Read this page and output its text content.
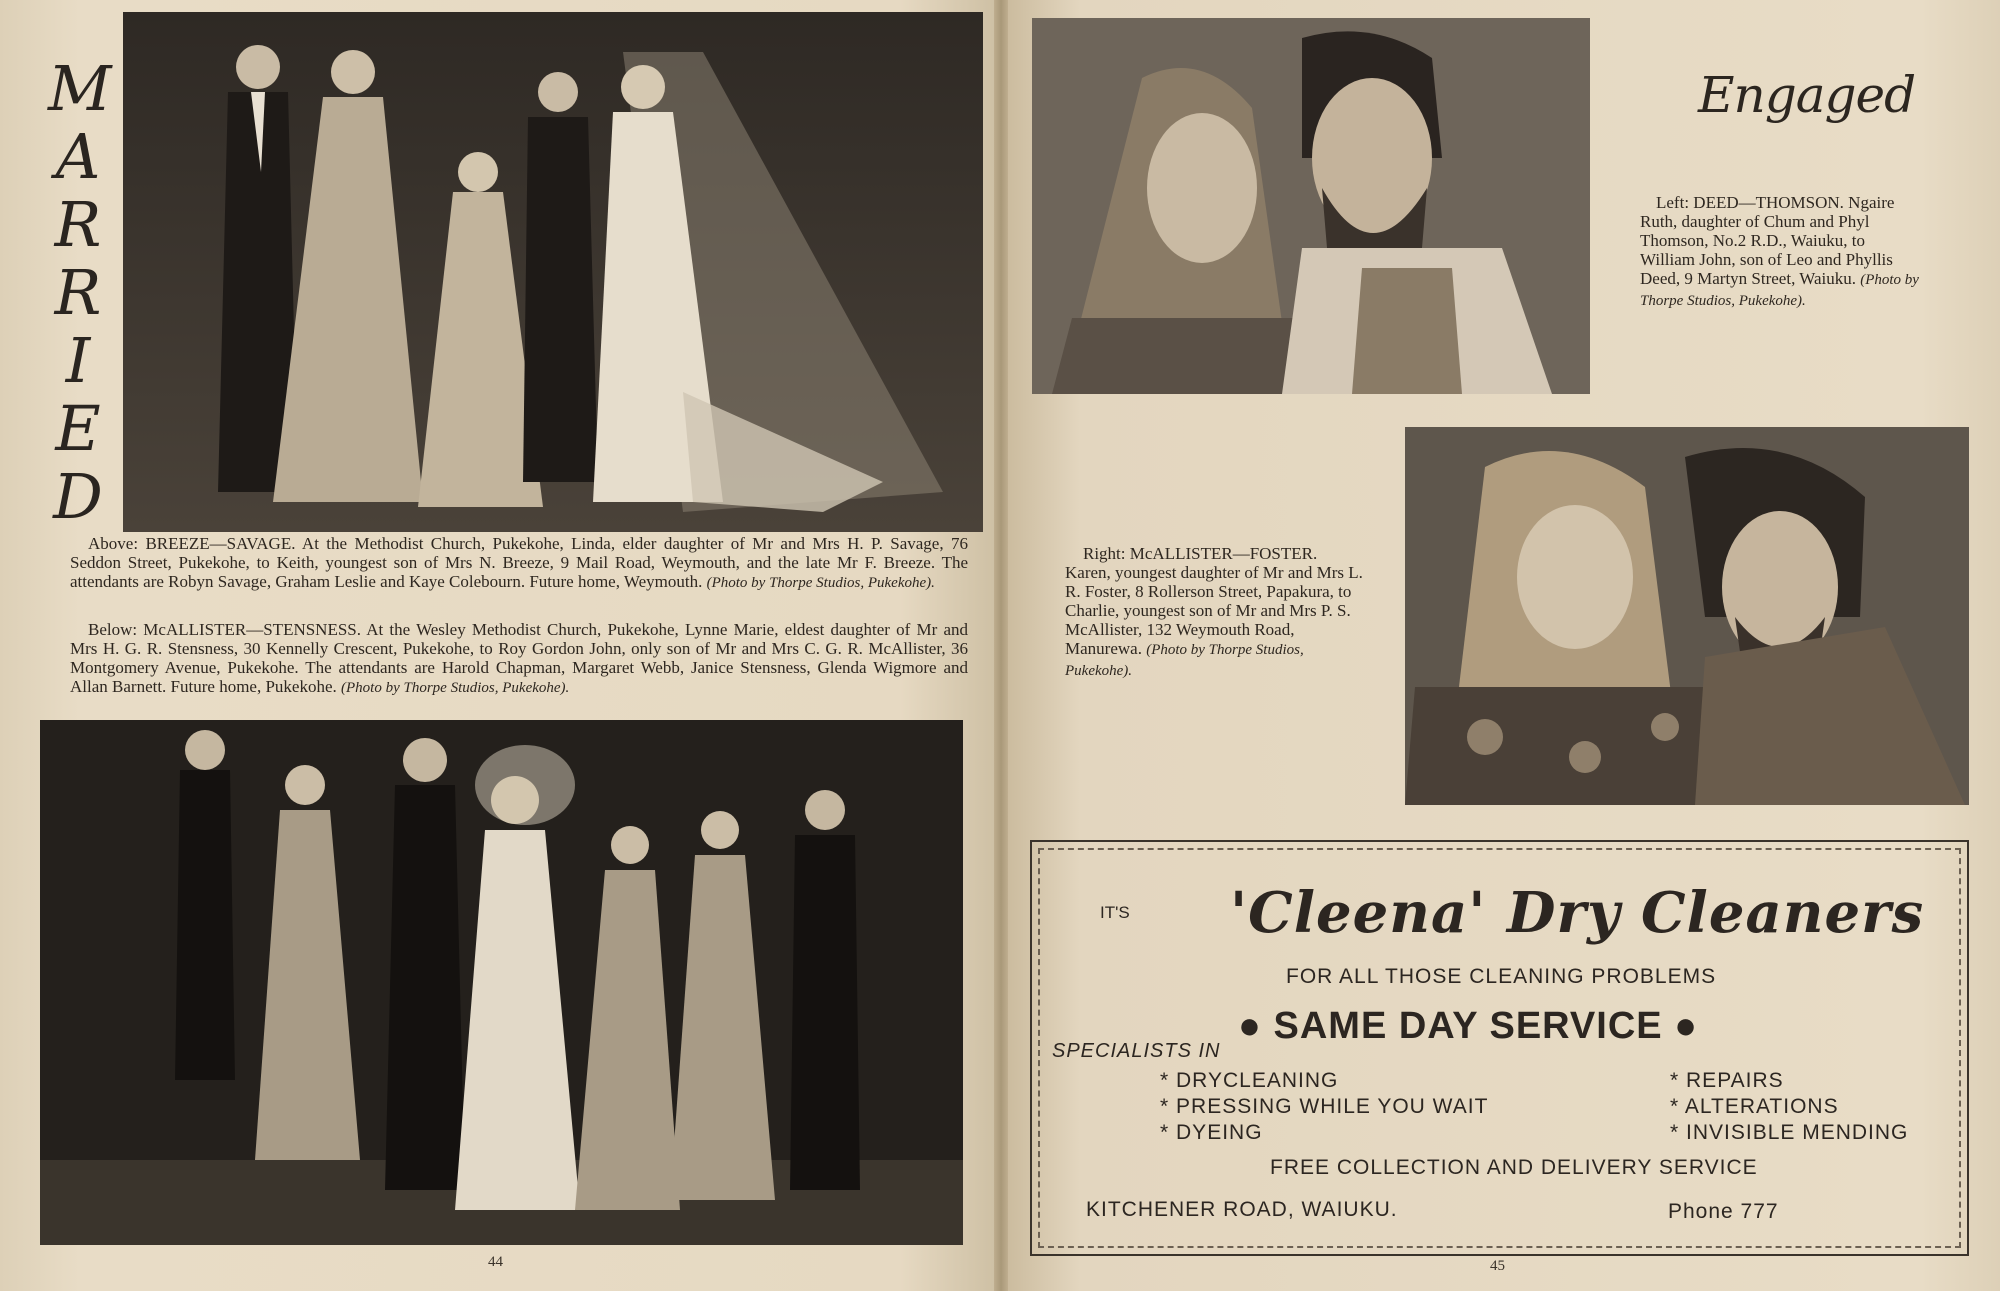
M
A
R
R
I
E
D

Above: BREEZE—SAVAGE. At the Methodist Church, Pukekohe, Linda, elder daughter of Mr and Mrs H. P. Savage, 76 Seddon Street, Pukekohe, to Keith, youngest son of Mrs N. Breeze, 9 Mail Road, Weymouth, and the late Mr F. Breeze. The attendants are Robyn Savage, Graham Leslie and Kaye Colebourn. Future home, Weymouth. (Photo by Thorpe Studios, Pukekohe).

Below: McALLISTER—STENSNESS. At the Wesley Methodist Church, Pukekohe, Lynne Marie, eldest daughter of Mr and Mrs H. G. R. Stensness, 30 Kennelly Crescent, Pukekohe, to Roy Gordon John, only son of Mr and Mrs C. G. R. McAllister, 36 Montgomery Avenue, Pukekohe. The attendants are Harold Chapman, Margaret Webb, Janice Stensness, Glenda Wigmore and Allan Barnett. Future home, Pukekohe. (Photo by Thorpe Studios, Pukekohe).

44
Engaged
Left: DEED—THOMSON. Ngaire Ruth, daughter of Chum and Phyl Thomson, No.2 R.D., Waiuku, to William John, son of Leo and Phyllis Deed, 9 Martyn Street, Waiuku. (Photo by Thorpe Studios, Pukekohe).
Right: McALLISTER—FOSTER. Karen, youngest daughter of Mr and Mrs L. R. Foster, 8 Rollerson Street, Papakura, to Charlie, youngest son of Mr and Mrs P. S. McAllister, 132 Weymouth Road, Manurewa. (Photo by Thorpe Studios, Pukekohe).
IT'S 'Cleena' Dry Cleaners
FOR ALL THOSE CLEANING PROBLEMS
SPECIALISTS IN
● SAME DAY SERVICE ●
* DRYCLEANING
* PRESSING WHILE YOU WAIT
* DYEING
* REPAIRS
* ALTERATIONS
* INVISIBLE MENDING
FREE COLLECTION AND DELIVERY SERVICE
KITCHENER ROAD, WAIUKU.	Phone 777
45
